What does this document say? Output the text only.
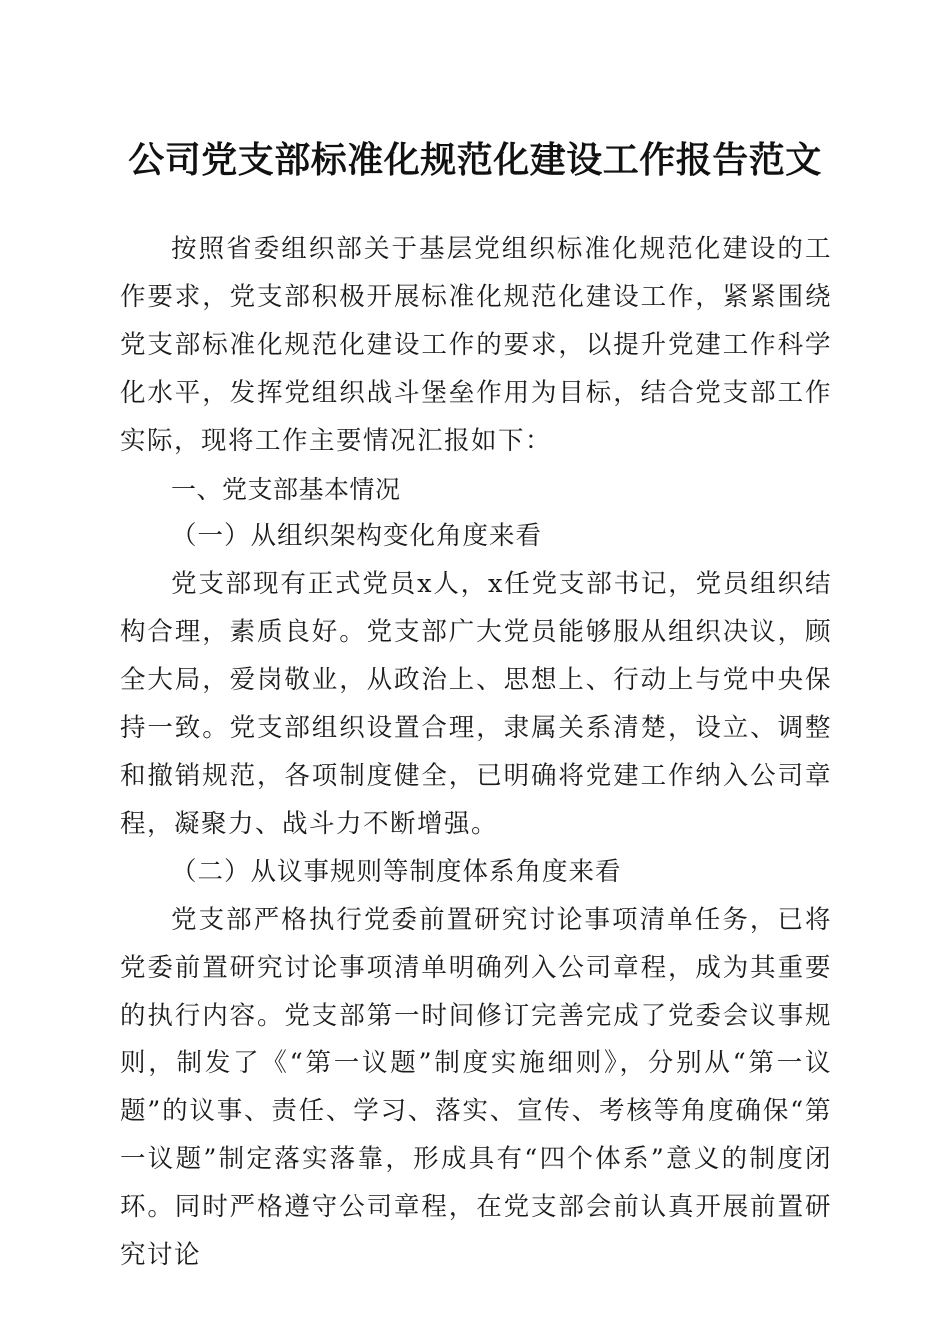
公司党支部标准化规范化建设工作报告范文

按照省委组织部关于基层党组织标准化规范化建设的工作要求，党支部积极开展标准化规范化建设工作，紧紧围绕党支部标准化规范化建设工作的要求，以提升党建工作科学化水平，发挥党组织战斗堡垒作用为目标，结合党支部工作实际，现将工作主要情况汇报如下：

一、党支部基本情况

（一）从组织架构变化角度来看

党支部现有正式党员x人，x任党支部书记，党员组织结构合理，素质良好。党支部广大党员能够服从组织决议，顾全大局，爱岗敬业，从政治上、思想上、行动上与党中央保持一致。党支部组织设置合理，隶属关系清楚，设立、调整和撤销规范，各项制度健全，已明确将党建工作纳入公司章程，凝聚力、战斗力不断增强。

（二）从议事规则等制度体系角度来看

党支部严格执行党委前置研究讨论事项清单任务，已将党委前置研究讨论事项清单明确列入公司章程，成为其重要的执行内容。党支部第一时间修订完善完成了党委会议事规则，制发了《“第一议题”制度实施细则》，分别从“第一议题”的议事、责任、学习、落实、宣传、考核等角度确保“第一议题”制定落实落靠，形成具有“四个体系”意义的制度闭环。同时严格遵守公司章程，在党支部会前认真开展前置研究讨论
